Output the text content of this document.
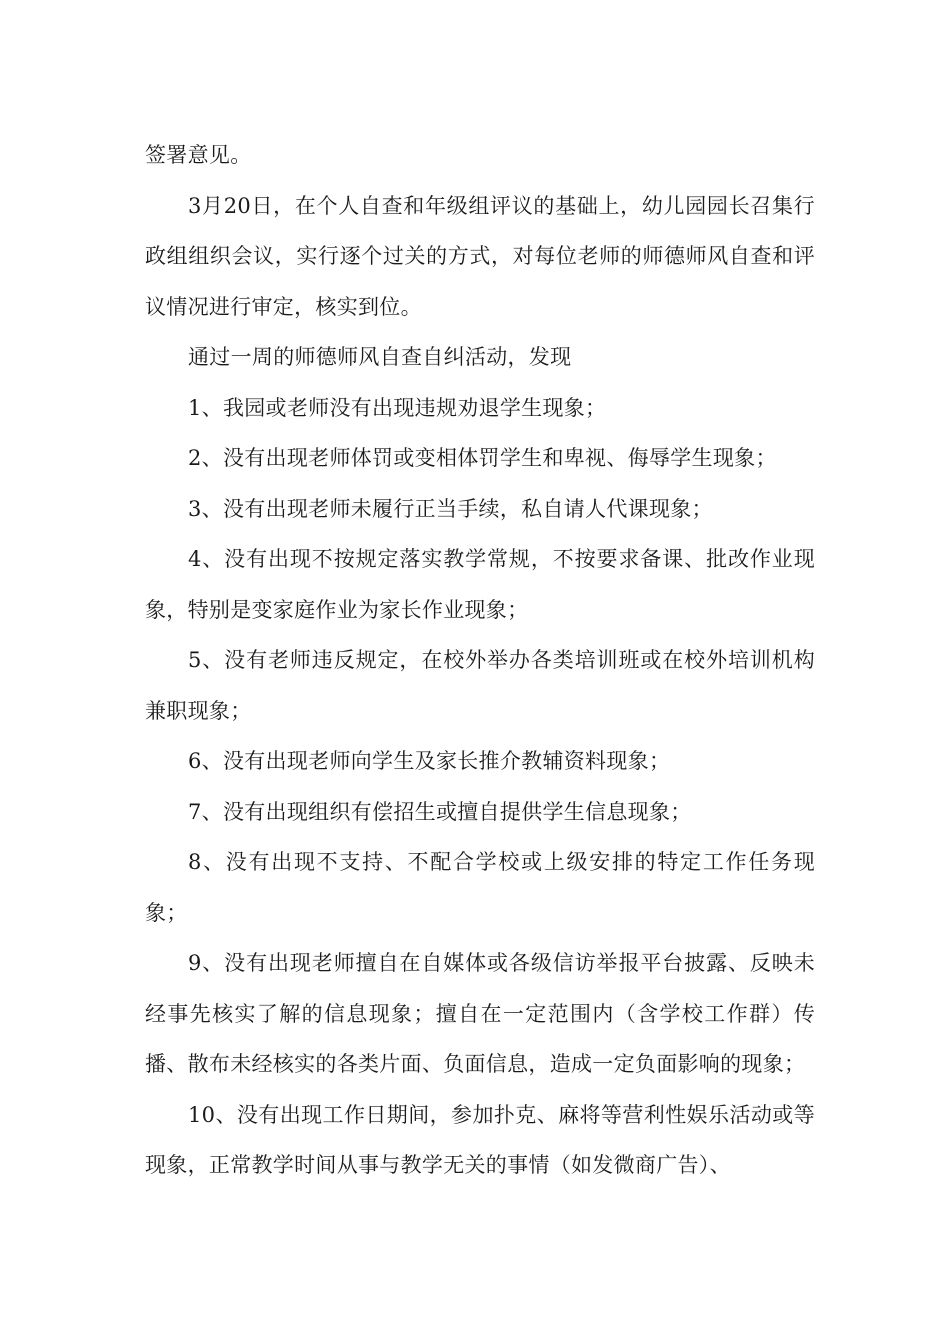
签署意见。

3月20日，在个人自查和年级组评议的基础上，幼儿园园长召集行政组组织会议，实行逐个过关的方式，对每位老师的师德师风自查和评议情况进行审定，核实到位。

通过一周的师德师风自查自纠活动，发现

1、我园或老师没有出现违规劝退学生现象；

2、没有出现老师体罚或变相体罚学生和卑视、侮辱学生现象；

3、没有出现老师未履行正当手续，私自请人代课现象；

4、没有出现不按规定落实教学常规，不按要求备课、批改作业现象，特别是变家庭作业为家长作业现象；

5、没有老师违反规定，在校外举办各类培训班或在校外培训机构兼职现象；

6、没有出现老师向学生及家长推介教辅资料现象；

7、没有出现组织有偿招生或擅自提供学生信息现象；

8、没有出现不支持、不配合学校或上级安排的特定工作任务现象；

9、没有出现老师擅自在自媒体或各级信访举报平台披露、反映未经事先核实了解的信息现象；擅自在一定范围内（含学校工作群）传播、散布未经核实的各类片面、负面信息，造成一定负面影响的现象；

10、没有出现工作日期间，参加扑克、麻将等营利性娱乐活动或等现象，正常教学时间从事与教学无关的事情（如发微商广告）、
